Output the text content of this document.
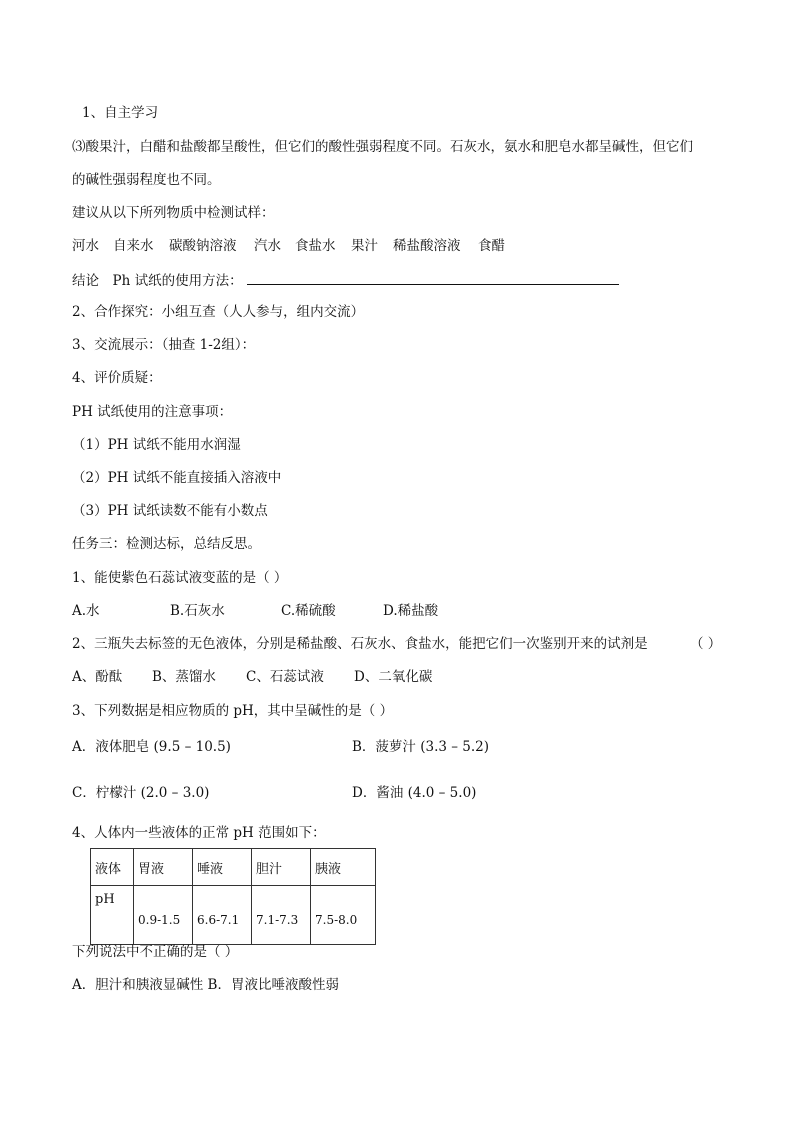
1、自主学习
⑶酸果汁，白醋和盐酸都呈酸性，但它们的酸性强弱程度不同。石灰水，氨水和肥皂水都呈碱性，但它们
的碱性强弱程度也不同。
建议从以下所列物质中检测试样：
河水	自来水	碳酸钠溶液	汽水	食盐水	果汁	稀盐酸溶液	食醋
结论　Ph 试纸的使用方法：
2、合作探究：小组互查（人人参与，组内交流）
3、交流展示：（抽查 1-2组）：
4、评价质疑：
PH 试纸使用的注意事项：
（1）PH 试纸不能用水润湿
（2）PH 试纸不能直接插入溶液中
（3）PH 试纸读数不能有小数点
任务三：检测达标，总结反思。
1、能使紫色石蕊试液变蓝的是（ ）
A.水	B.石灰水	C.稀硫酸	D.稀盐酸
2、三瓶失去标签的无色液体，分别是稀盐酸、石灰水、食盐水，能把它们一次鉴别开来的试剂是	（ ）
A、酚酞	B、蒸馏水	C、石蕊试液	D、二氧化碳
3、下列数据是相应物质的 pH，其中呈碱性的是（ ）
A．液体肥皂 (9.5 – 10.5)	B．菠萝汁 (3.3 – 5.2)
C．柠檬汁 (2.0 – 3.0)	D．酱油 (4.0 – 5.0)
4、人体内一些液体的正常 pH 范围如下：
液体	胃液	唾液	胆汁	胰液
pH	0.9-1.5	6.6-7.1	7.1-7.3	7.5-8.0
下列说法中不正确的是（ ）
A．胆汁和胰液显碱性 B．胃液比唾液酸性弱
